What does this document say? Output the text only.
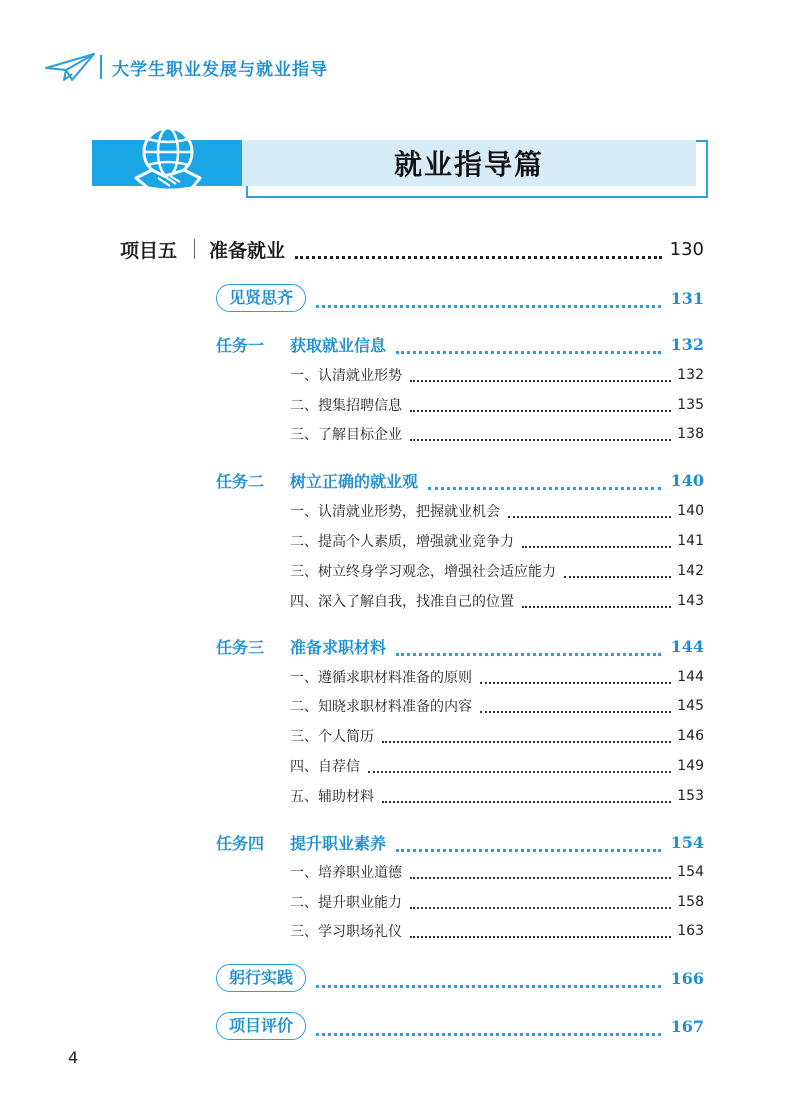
大学生职业发展与就业指导
就业指导篇
项目五	准备就业	130
见贤思齐	131
任务一	获取就业信息	132
一、认清就业形势	132
二、搜集招聘信息	135
三、了解目标企业	138
任务二	树立正确的就业观	140
一、认清就业形势，把握就业机会	140
二、提高个人素质，增强就业竞争力	141
三、树立终身学习观念，增强社会适应能力	142
四、深入了解自我，找准自己的位置	143
任务三	准备求职材料	144
一、遵循求职材料准备的原则	144
二、知晓求职材料准备的内容	145
三、个人简历	146
四、自荐信	149
五、辅助材料	153
任务四	提升职业素养	154
一、培养职业道德	154
二、提升职业能力	158
三、学习职场礼仪	163
躬行实践	166
项目评价	167
4
